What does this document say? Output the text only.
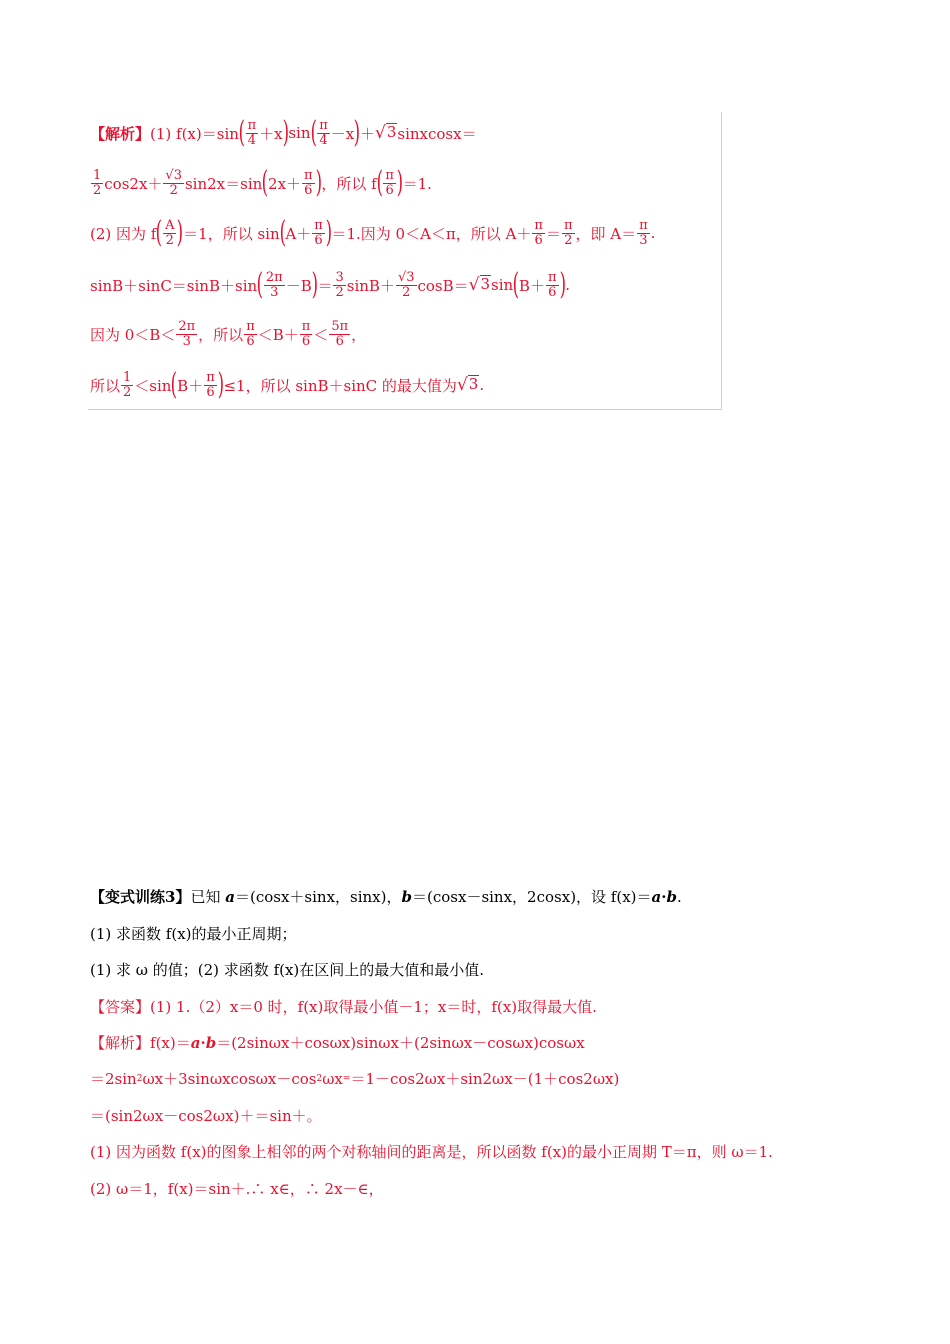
【解析】 (1) f(x)＝sin ( $\frac{\pi}{4} +x$ ) sin ( $\frac{\pi}{4} -x$ ) ＋ √ 3 sinxcosx＝
$\frac{1}{2} \cos 2x+ \frac{√3}{2} \sin 2x=\sin$ ( $2x+ \frac{\pi}{6}$ ) ，所以 f ( $\frac{\pi}{6}$ ) ＝1.
(2) 因为 f ( $\frac{A}{2}$ ) ＝1，所以 sin ( $A+ \frac{\pi}{6}$ ) ＝1.因为 0＜A＜π，所以 $A+ \frac{\pi}{6} = \frac{\pi}{2}$ ，即 $A= \frac{\pi}{3}$ .
sinB＋sinC＝sinB＋sin ( $\frac{2\pi}{3} -B$ ) ＝ $\frac{3}{2} \sin B+ \frac{√3}{2} \cos B=$ √ 3 sin ( $B+ \frac{\pi}{6}$ ) .
因为 $0<B< \frac{2\pi}{3}$ ，所以 $\frac{\pi}{6} <B+ \frac{\pi}{6} < \frac{5\pi}{6}$ ，
所以 $\frac{1}{2} <\sin$ ( $B+ \frac{\pi}{6}$ ) ≤1，所以 sinB＋sinC 的最大值为 √ 3 .
【变式训练3】 已知 a ＝(cosx＋sinx，sinx)， b ＝(cosx－sinx，2cosx)，设 f(x)＝ a · b .
(1) 求函数 f(x)的最小正周期；
(1) 求 ω 的值；(2) 求函数 f(x)在区间上的最大值和最小值.
【答案】 (1) 1.（2）x＝0 时，f(x)取得最小值－1；x＝时，f(x)取得最大值.
【解析】 f(x)＝ a · b ＝(2sinωx＋cosωx)sinωx＋(2sinωx－cosωx)cosωx
＝2sin 2 ωx＋3sinωxcosωx－cos 2 ωx = ＝1－cos2ωx＋sin2ωx－(1＋cos2ωx)
＝(sin2ωx－cos2ωx)＋＝sin＋。
(1) 因为函数 f(x)的图象上相邻的两个对称轴间的距离是，所以函数 f(x)的最小正周期 T＝π，则 ω＝1.
(2) ω＝1，f(x)＝sin＋.∴ x∈，∴ 2x－∈，
